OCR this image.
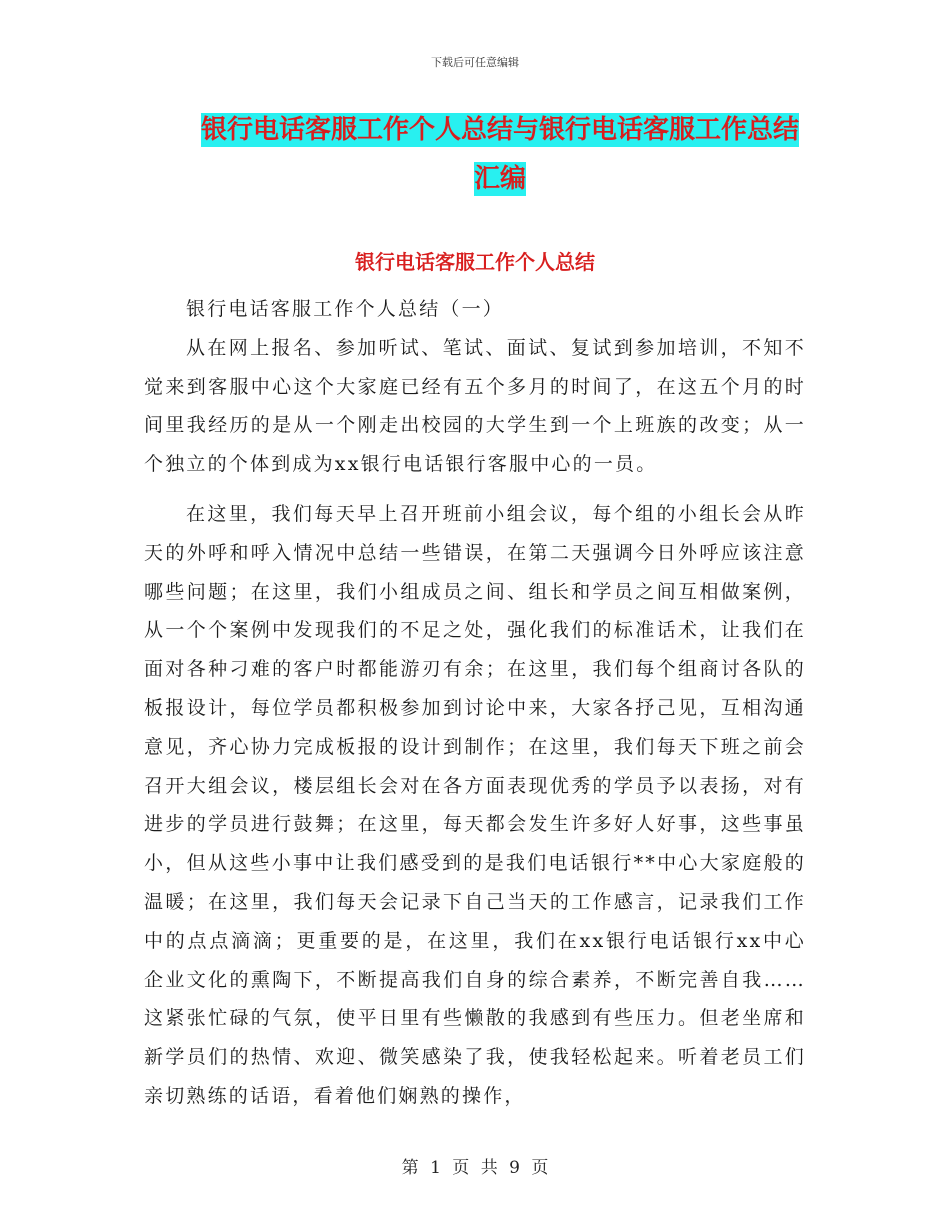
下载后可任意编辑
银行电话客服工作个人总结与银行电话客服工作总结
汇编
银行电话客服工作个人总结

银行电话客服工作个人总结（一）

从在网上报名、参加听试、笔试、面试、复试到参加培训，不知不觉来到客服中心这个大家庭已经有五个多月的时间了，在这五个月的时间里我经历的是从一个刚走出校园的大学生到一个上班族的改变；从一个独立的个体到成为xx银行电话银行客服中心的一员。

在这里，我们每天早上召开班前小组会议，每个组的小组长会从昨天的外呼和呼入情况中总结一些错误，在第二天强调今日外呼应该注意哪些问题；在这里，我们小组成员之间、组长和学员之间互相做案例，从一个个案例中发现我们的不足之处，强化我们的标准话术，让我们在面对各种刁难的客户时都能游刃有余；在这里，我们每个组商讨各队的板报设计，每位学员都积极参加到讨论中来，大家各抒己见，互相沟通意见，齐心协力完成板报的设计到制作；在这里，我们每天下班之前会召开大组会议，楼层组长会对在各方面表现优秀的学员予以表扬，对有进步的学员进行鼓舞；在这里，每天都会发生许多好人好事，这些事虽小，但从这些小事中让我们感受到的是我们电话银行**中心大家庭般的温暖；在这里，我们每天会记录下自己当天的工作感言，记录我们工作中的点点滴滴；更重要的是，在这里，我们在xx银行电话银行xx中心企业文化的熏陶下，不断提高我们自身的综合素养，不断完善自我……这紧张忙碌的气氛，使平日里有些懒散的我感到有些压力。但老坐席和新学员们的热情、欢迎、微笑感染了我，使我轻松起来。听着老员工们亲切熟练的话语，看着他们娴熟的操作，

第 1 页 共 9 页
